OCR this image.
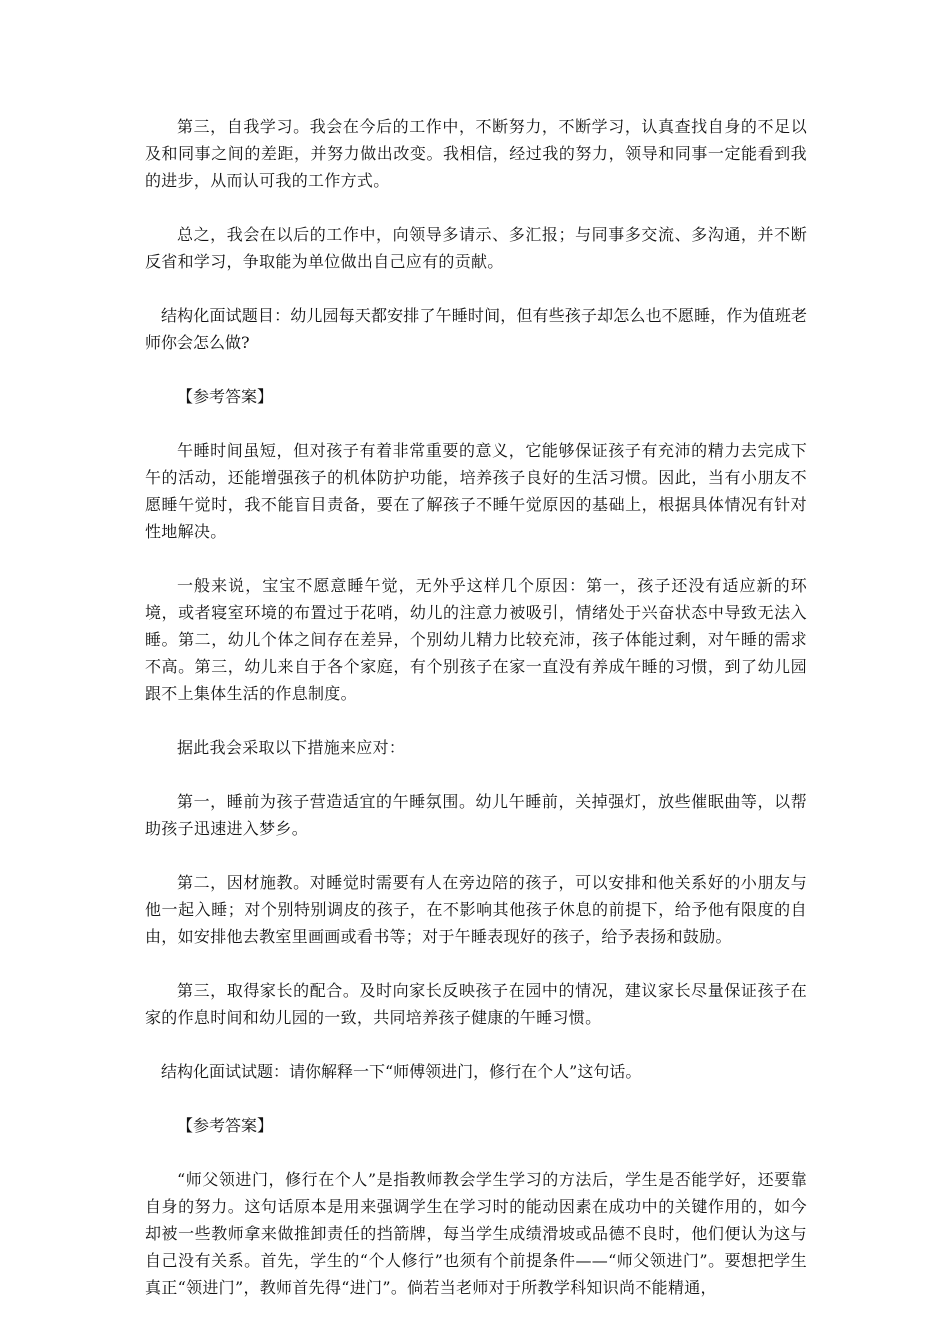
第三，自我学习。我会在今后的工作中，不断努力，不断学习，认真查找自身的不足以及和同事之间的差距，并努力做出改变。我相信，经过我的努力，领导和同事一定能看到我的进步，从而认可我的工作方式。

总之，我会在以后的工作中，向领导多请示、多汇报；与同事多交流、多沟通，并不断反省和学习，争取能为单位做出自己应有的贡献。

结构化面试题目：幼儿园每天都安排了午睡时间，但有些孩子却怎么也不愿睡，作为值班老师你会怎么做?

【参考答案】

午睡时间虽短，但对孩子有着非常重要的意义，它能够保证孩子有充沛的精力去完成下午的活动，还能增强孩子的机体防护功能，培养孩子良好的生活习惯。因此，当有小朋友不愿睡午觉时，我不能盲目责备，要在了解孩子不睡午觉原因的基础上，根据具体情况有针对性地解决。

一般来说，宝宝不愿意睡午觉，无外乎这样几个原因：第一，孩子还没有适应新的环境，或者寝室环境的布置过于花哨，幼儿的注意力被吸引，情绪处于兴奋状态中导致无法入睡。第二，幼儿个体之间存在差异，个别幼儿精力比较充沛，孩子体能过剩，对午睡的需求不高。第三，幼儿来自于各个家庭，有个别孩子在家一直没有养成午睡的习惯，到了幼儿园跟不上集体生活的作息制度。

据此我会采取以下措施来应对：

第一，睡前为孩子营造适宜的午睡氛围。幼儿午睡前，关掉强灯，放些催眠曲等，以帮助孩子迅速进入梦乡。

第二，因材施教。对睡觉时需要有人在旁边陪的孩子，可以安排和他关系好的小朋友与他一起入睡；对个别特别调皮的孩子，在不影响其他孩子休息的前提下，给予他有限度的自由，如安排他去教室里画画或看书等；对于午睡表现好的孩子，给予表扬和鼓励。

第三，取得家长的配合。及时向家长反映孩子在园中的情况，建议家长尽量保证孩子在家的作息时间和幼儿园的一致，共同培养孩子健康的午睡习惯。

结构化面试试题：请你解释一下“师傅领进门，修行在个人”这句话。

【参考答案】

“师父领进门，修行在个人”是指教师教会学生学习的方法后，学生是否能学好，还要靠自身的努力。这句话原本是用来强调学生在学习时的能动因素在成功中的关键作用的，如今却被一些教师拿来做推卸责任的挡箭牌，每当学生成绩滑坡或品德不良时，他们便认为这与自己没有关系。首先，学生的“个人修行”也须有个前提条件——“师父领进门”。要想把学生真正“领进门”，教师首先得“进门”。倘若当老师对于所教学科知识尚不能精通，
